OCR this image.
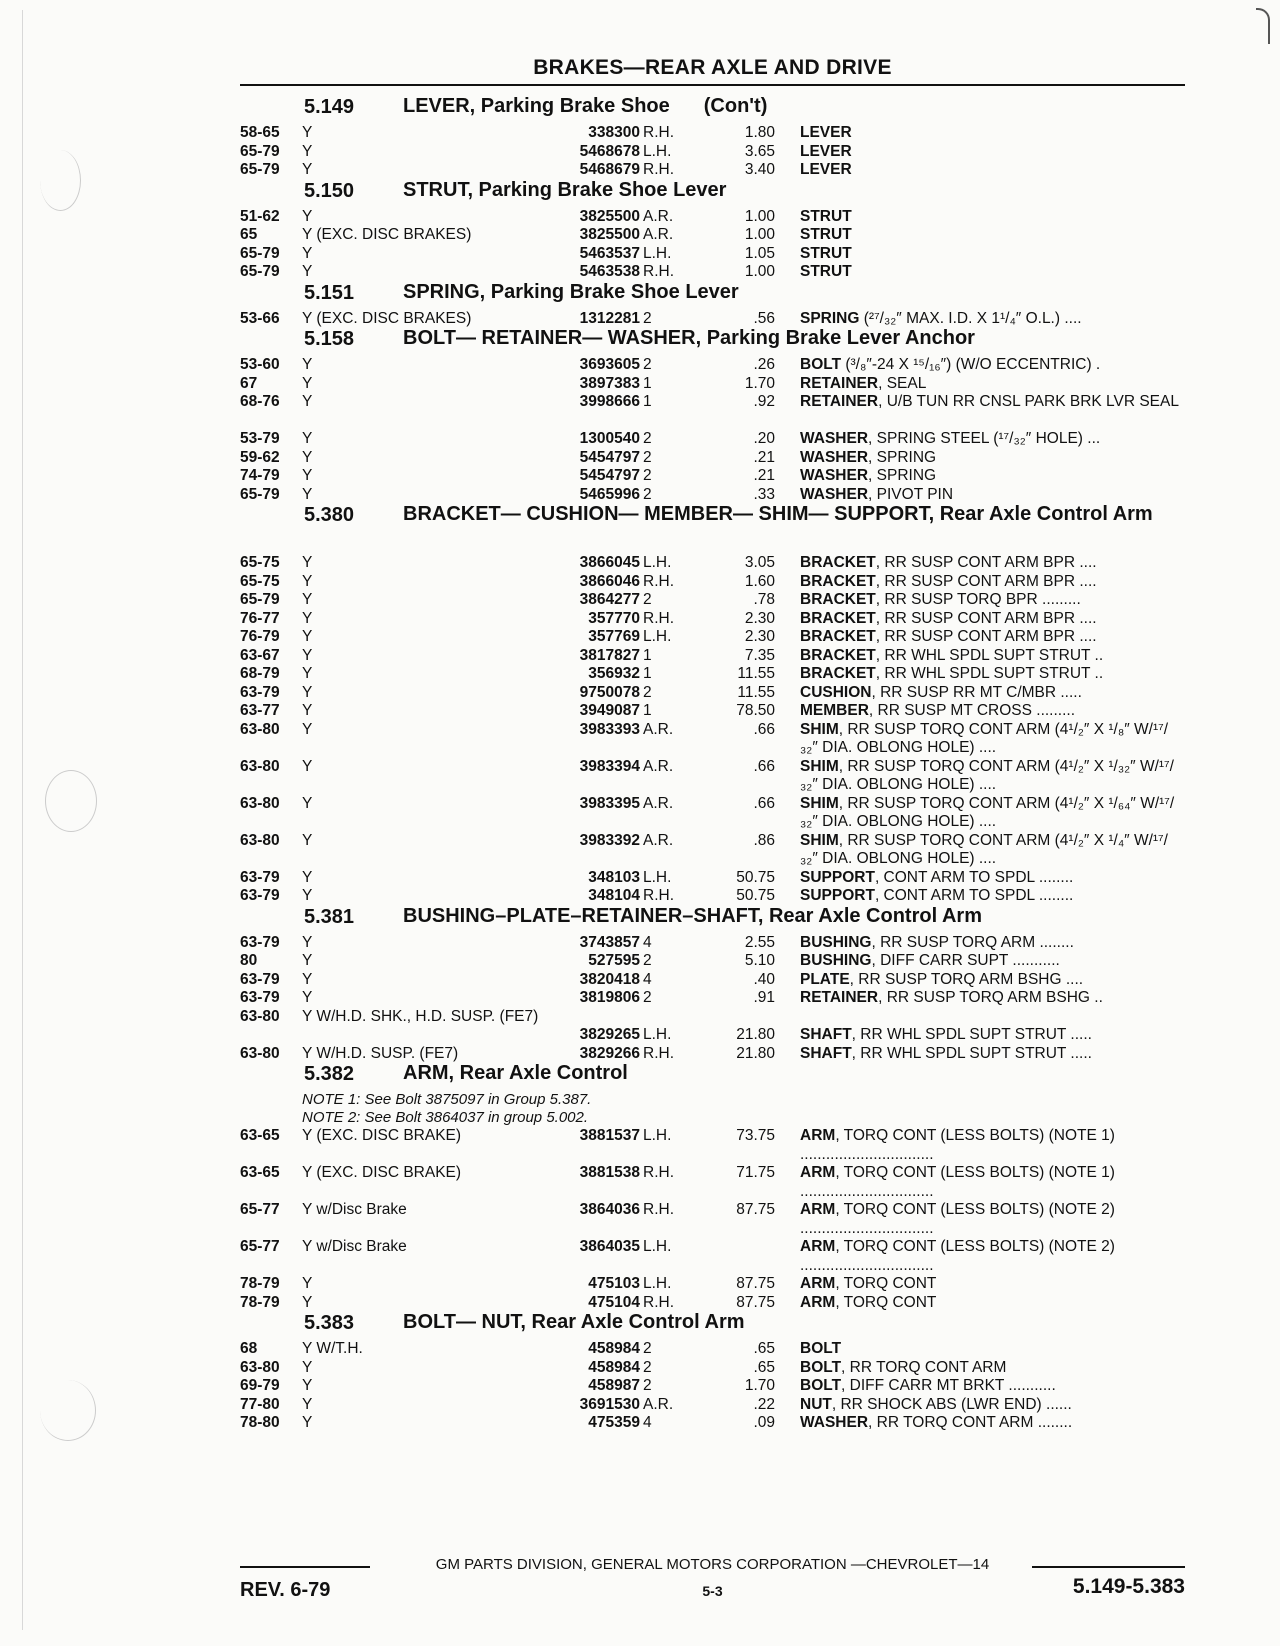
BRAKES—REAR AXLE AND DRIVE
5.149 LEVER, Parking Brake Shoe (Con't)
58-65 Y	338300 R.H.	1.80 LEVER
65-79 Y	5468678 L.H.	3.65 LEVER
65-79 Y	5468679 R.H.	3.40 LEVER
5.150 STRUT, Parking Brake Shoe Lever
51-62 Y	3825500 A.R.	1.00 STRUT
65	Y (EXC. DISC BRAKES)	3825500 A.R.	1.00 STRUT
65-79 Y	5463537 L.H.	1.05 STRUT
65-79 Y	5463538 R.H.	1.00 STRUT
5.151 SPRING, Parking Brake Shoe Lever
53-66 Y (EXC. DISC BRAKES)	1312281 2	.56 SPRING (²⁷/₃₂″ MAX. I.D. X 1¹/₄″ O.L.) ....
5.158 BOLT— RETAINER— WASHER, Parking Brake Lever Anchor
53-60 Y	3693605 2	.26 BOLT (³/₈″-24 X ¹⁵/₁₆″) (W/O ECCENTRIC) .
67	Y	3897383 1	1.70 RETAINER, SEAL
68-76 Y	3998666 1	.92 RETAINER, U/B TUN RR CNSL PARK BRK LVR SEAL
53-79 Y	1300540 2	.20 WASHER, SPRING STEEL (¹⁷/₃₂″ HOLE) ...
59-62 Y	5454797 2	.21 WASHER, SPRING
74-79 Y	5454797 2	.21 WASHER, SPRING
65-79 Y	5465996 2	.33 WASHER, PIVOT PIN
5.380 BRACKET— CUSHION— MEMBER— SHIM— SUPPORT, Rear Axle Control Arm
65-75 Y	3866045 L.H.	3.05 BRACKET, RR SUSP CONT ARM BPR ....
65-75 Y	3866046 R.H.	1.60 BRACKET, RR SUSP CONT ARM BPR ....
65-79 Y	3864277 2	.78 BRACKET, RR SUSP TORQ BPR .........
76-77 Y	357770 R.H.	2.30 BRACKET, RR SUSP CONT ARM BPR ....
76-79 Y	357769 L.H.	2.30 BRACKET, RR SUSP CONT ARM BPR ....
63-67 Y	3817827 1	7.35 BRACKET, RR WHL SPDL SUPT STRUT ..
68-79 Y	356932 1	11.55 BRACKET, RR WHL SPDL SUPT STRUT ..
63-79 Y	9750078 2	11.55 CUSHION, RR SUSP RR MT C/MBR .....
63-77 Y	3949087 1	78.50 MEMBER, RR SUSP MT CROSS .........
63-80 Y	3983393 A.R.	.66 SHIM, RR SUSP TORQ CONT ARM (4¹/₂″ X ¹/₈″ W/¹⁷/₃₂″ DIA. OBLONG HOLE) ....
63-80 Y	3983394 A.R.	.66 SHIM, RR SUSP TORQ CONT ARM (4¹/₂″ X ¹/₃₂″ W/¹⁷/₃₂″ DIA. OBLONG HOLE) ....
63-80 Y	3983395 A.R.	.66 SHIM, RR SUSP TORQ CONT ARM (4¹/₂″ X ¹/₆₄″ W/¹⁷/₃₂″ DIA. OBLONG HOLE) ....
63-80 Y	3983392 A.R.	.86 SHIM, RR SUSP TORQ CONT ARM (4¹/₂″ X ¹/₄″ W/¹⁷/₃₂″ DIA. OBLONG HOLE) ....
63-79 Y	348103 L.H.	50.75 SUPPORT, CONT ARM TO SPDL ........
63-79 Y	348104 R.H.	50.75 SUPPORT, CONT ARM TO SPDL ........
5.381 BUSHING–PLATE–RETAINER–SHAFT, Rear Axle Control Arm
63-79 Y	3743857 4	2.55 BUSHING, RR SUSP TORQ ARM ........
80	Y	527595 2	5.10 BUSHING, DIFF CARR SUPT ...........
63-79 Y	3820418 4	.40 PLATE, RR SUSP TORQ ARM BSHG ....
63-79 Y	3819806 2	.91 RETAINER, RR SUSP TORQ ARM BSHG ..
63-80 Y W/H.D. SHK., H.D. SUSP. (FE7)
3829265 L.H.	21.80 SHAFT, RR WHL SPDL SUPT STRUT .....
63-80 Y W/H.D. SUSP. (FE7)	3829266 R.H.	21.80 SHAFT, RR WHL SPDL SUPT STRUT .....
5.382 ARM, Rear Axle Control
NOTE 1: See Bolt 3875097 in Group 5.387.
NOTE 2: See Bolt 3864037 in group 5.002.
63-65 Y (EXC. DISC BRAKE)	3881537 L.H.	73.75 ARM, TORQ CONT (LESS BOLTS) (NOTE 1) ...............................
63-65 Y (EXC. DISC BRAKE)	3881538 R.H.	71.75 ARM, TORQ CONT (LESS BOLTS) (NOTE 1) ...............................
65-77 Y w/Disc Brake	3864036 R.H.	87.75 ARM, TORQ CONT (LESS BOLTS) (NOTE 2) ...............................
65-77 Y w/Disc Brake	3864035 L.H.	ARM, TORQ CONT (LESS BOLTS) (NOTE 2) ...............................
78-79 Y	475103 L.H.	87.75 ARM, TORQ CONT
78-79 Y	475104 R.H.	87.75 ARM, TORQ CONT
5.383 BOLT— NUT, Rear Axle Control Arm
68	Y W/T.H.	458984 2	.65 BOLT
63-80 Y	458984 2	.65 BOLT, RR TORQ CONT ARM
69-79 Y	458987 2	1.70 BOLT, DIFF CARR MT BRKT ...........
77-80 Y	3691530 A.R.	.22 NUT, RR SHOCK ABS (LWR END) ......
78-80 Y	475359 4	.09 WASHER, RR TORQ CONT ARM ........
GM PARTS DIVISION, GENERAL MOTORS CORPORATION —CHEVROLET—14
REV. 6-79	5-3	5.149-5.383
